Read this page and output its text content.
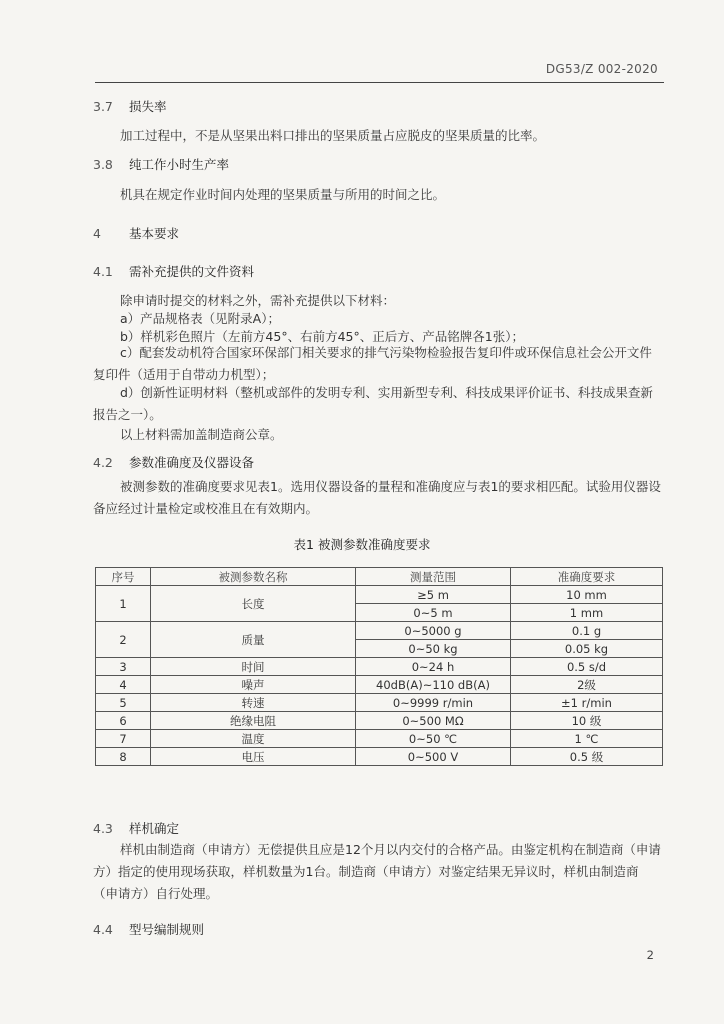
DG53/Z 002-2020
3.7 损失率
加工过程中，不是从坚果出料口排出的坚果质量占应脱皮的坚果质量的比率。
3.8 纯工作小时生产率
机具在规定作业时间内处理的坚果质量与所用的时间之比。
4 基本要求
4.1 需补充提供的文件资料
除申请时提交的材料之外，需补充提供以下材料：
a）产品规格表（见附录A）；
b）样机彩色照片（左前方45°、右前方45°、正后方、产品铭牌各1张）；
c）配套发动机符合国家环保部门相关要求的排气污染物检验报告复印件或环保信息社会公开文件复印件（适用于自带动力机型）；
d）创新性证明材料（整机或部件的发明专利、实用新型专利、科技成果评价证书、科技成果查新报告之一）。
以上材料需加盖制造商公章。
4.2 参数准确度及仪器设备
被测参数的准确度要求见表1。选用仪器设备的量程和准确度应与表1的要求相匹配。试验用仪器设备应经过计量检定或校准且在有效期内。
表1 被测参数准确度要求
序号	被测参数名称	测量范围	准确度要求
1	长度	≥5 m	10 mm
		0~5 m	1 mm
2	质量	0~5000 g	0.1 g
		0~50 kg	0.05 kg
3	时间	0~24 h	0.5 s/d
4	噪声	40dB(A)~110 dB(A)	2级
5	转速	0~9999 r/min	±1 r/min
6	绝缘电阻	0~500 MΩ	10 级
7	温度	0~50 ℃	1 ℃
8	电压	0~500 V	0.5 级
4.3 样机确定
样机由制造商（申请方）无偿提供且应是12个月以内交付的合格产品。由鉴定机构在制造商（申请方）指定的使用现场获取，样机数量为1台。制造商（申请方）对鉴定结果无异议时，样机由制造商（申请方）自行处理。
4.4 型号编制规则
2
